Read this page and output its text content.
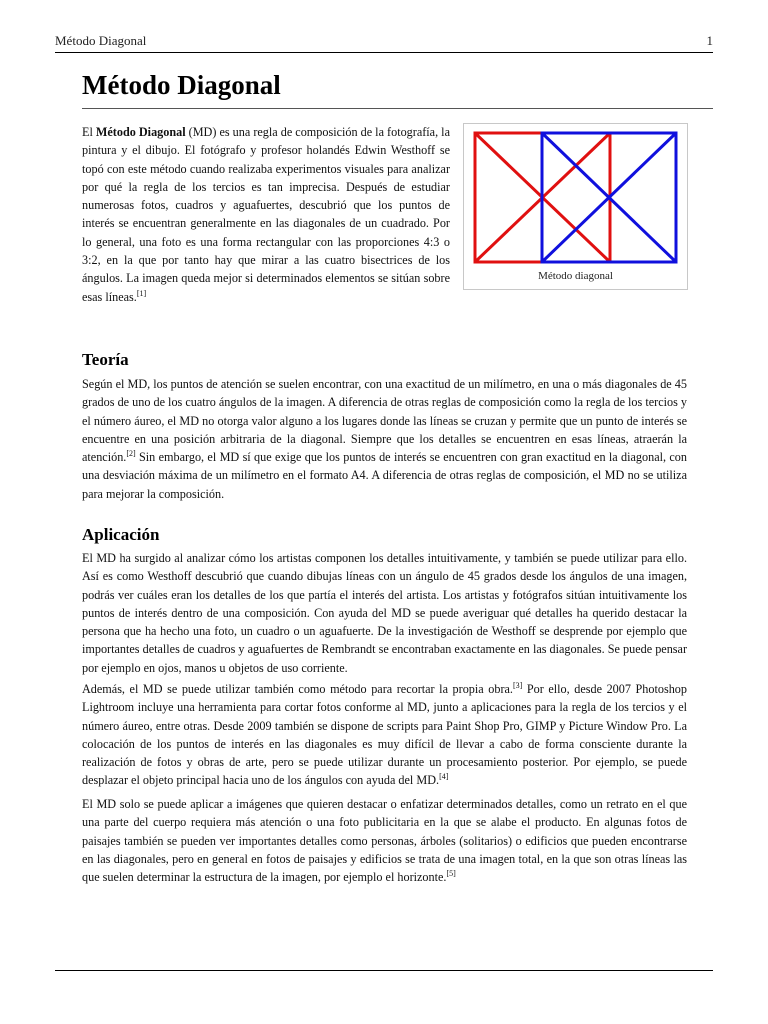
Método Diagonal	1
Método Diagonal

El Método Diagonal (MD) es una regla de composición de la fotografía, la pintura y el dibujo. El fotógrafo y profesor holandés Edwin Westhoff se topó con este método cuando realizaba experimentos visuales para analizar por qué la regla de los tercios es tan imprecisa. Después de estudiar numerosas fotos, cuadros y aguafuertes, descubrió que los puntos de interés se encuentran generalmente en las diagonales de un cuadrado. Por lo general, una foto es una forma rectangular con las proporciones 4:3 o 3:2, en la que por tanto hay que mirar a las cuatro bisectrices de los ángulos. La imagen queda mejor si determinados elementos se sitúan sobre esas líneas.[1]

Método diagonal
Teoría

Según el MD, los puntos de atención se suelen encontrar, con una exactitud de un milímetro, en una o más diagonales de 45 grados de uno de los cuatro ángulos de la imagen. A diferencia de otras reglas de composición como la regla de los tercios y el número áureo, el MD no otorga valor alguno a los lugares donde las líneas se cruzan y permite que un punto de interés se encuentre en una posición arbitraria de la diagonal. Siempre que los detalles se encuentren en esas líneas, atraerán la atención.[2] Sin embargo, el MD sí que exige que los puntos de interés se encuentren con gran exactitud en la diagonal, con una desviación máxima de un milímetro en el formato A4. A diferencia de otras reglas de composición, el MD no se utiliza para mejorar la composición.

Aplicación

El MD ha surgido al analizar cómo los artistas componen los detalles intuitivamente, y también se puede utilizar para ello. Así es como Westhoff descubrió que cuando dibujas líneas con un ángulo de 45 grados desde los ángulos de una imagen, podrás ver cuáles eran los detalles de los que partía el interés del artista. Los artistas y fotógrafos sitúan intuitivamente los puntos de interés dentro de una composición. Con ayuda del MD se puede averiguar qué detalles ha querido destacar la persona que ha hecho una foto, un cuadro o un aguafuerte. De la investigación de Westhoff se desprende por ejemplo que importantes detalles de cuadros y aguafuertes de Rembrandt se encontraban exactamente en las diagonales. Se puede pensar por ejemplo en ojos, manos u objetos de uso corriente.

Además, el MD se puede utilizar también como método para recortar la propia obra.[3] Por ello, desde 2007 Photoshop Lightroom incluye una herramienta para cortar fotos conforme al MD, junto a aplicaciones para la regla de los tercios y el número áureo, entre otras. Desde 2009 también se dispone de scripts para Paint Shop Pro, GIMP y Picture Window Pro. La colocación de los puntos de interés en las diagonales es muy difícil de llevar a cabo de forma consciente durante la realización de fotos y obras de arte, pero se puede utilizar durante un procesamiento posterior. Por ejemplo, se puede desplazar el objeto principal hacia uno de los ángulos con ayuda del MD.[4]

El MD solo se puede aplicar a imágenes que quieren destacar o enfatizar determinados detalles, como un retrato en el que una parte del cuerpo requiera más atención o una foto publicitaria en la que se alabe el producto. En algunas fotos de paisajes también se pueden ver importantes detalles como personas, árboles (solitarios) o edificios que pueden encontrarse en las diagonales, pero en general en fotos de paisajes y edificios se trata de una imagen total, en la que son otras líneas las que suelen determinar la estructura de la imagen, por ejemplo el horizonte.[5]
